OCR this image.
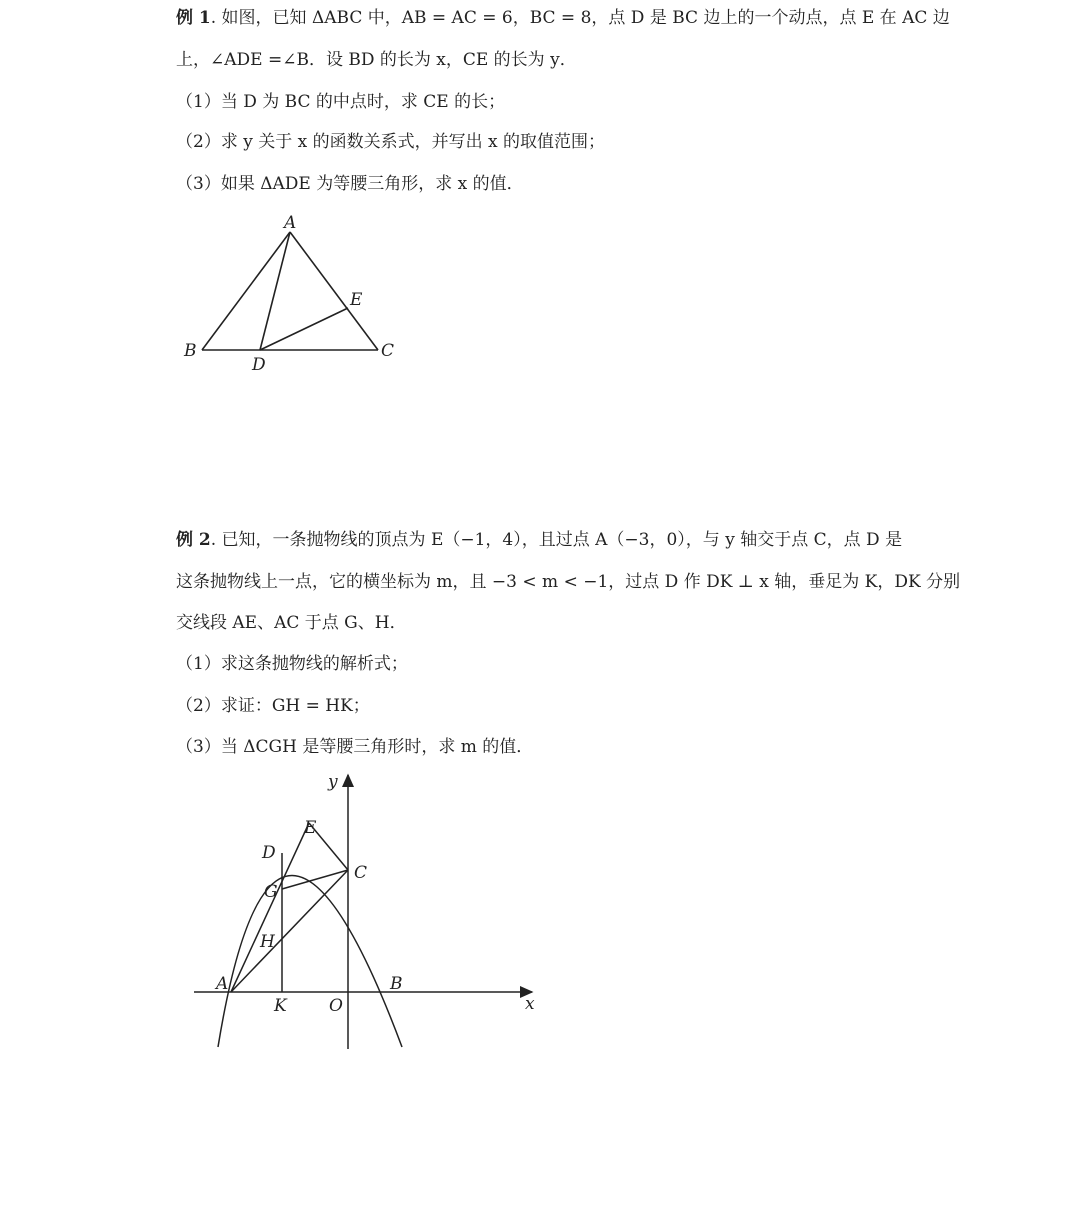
例 1. 如图，已知 ΔABC 中，AB = AC = 6，BC = 8，点 D 是 BC 边上的一个动点，点 E 在 AC 边
上，∠ADE =∠B．设 BD 的长为 x，CE 的长为 y．
（1）当 D 为 BC 的中点时，求 CE 的长；
（2）求 y 关于 x 的函数关系式，并写出 x 的取值范围；
（3）如果 ΔADE 为等腰三角形，求 x 的值．
A
B	C
D
E
例 2. 已知，一条抛物线的顶点为 E（−1，4），且过点 A（−3，0），与 y 轴交于点 C，点 D 是
这条抛物线上一点，它的横坐标为 m，且 −3 < m < −1，过点 D 作 DK ⊥ x 轴，垂足为 K，DK 分别
交线段 AE、AC 于点 G、H．
（1）求这条抛物线的解析式；
（2）求证：GH = HK；
（3）当 ΔCGH 是等腰三角形时，求 m 的值．
y
x
E
D
C
G
H
A	B
K O
